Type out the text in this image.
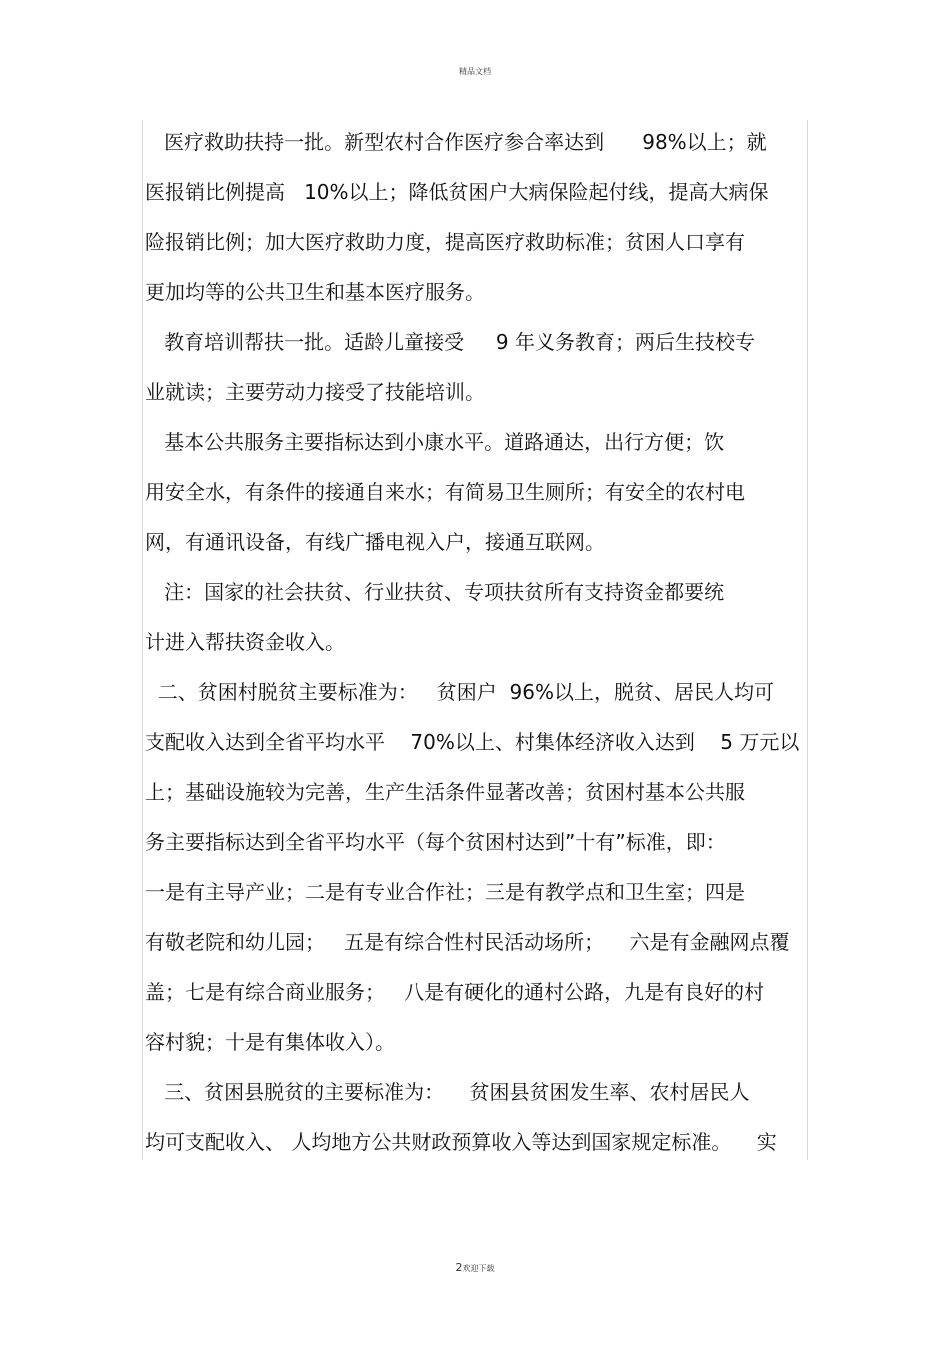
精品文档
医疗救助扶持一批。新型农村合作医疗参合率达到      98%以上；就
医报销比例提高   10%以上；降低贫困户大病保险起付线，提高大病保
险报销比例；加大医疗救助力度，提高医疗救助标准；贫困人口享有
更加均等的公共卫生和基本医疗服务。
教育培训帮扶一批。适龄儿童接受     9 年义务教育；两后生技校专
业就读；主要劳动力接受了技能培训。
基本公共服务主要指标达到小康水平。道路通达，出行方便；饮
用安全水，有条件的接通自来水；有简易卫生厕所；有安全的农村电
网，有通讯设备，有线广播电视入户，接通互联网。
注：国家的社会扶贫、行业扶贫、专项扶贫所有支持资金都要统
计进入帮扶资金收入。
二、贫困村脱贫主要标准为：   贫困户  96%以上，脱贫、居民人均可
支配收入达到全省平均水平    70%以上、村集体经济收入达到    5 万元以
上；基础设施较为完善，生产生活条件显著改善；贫困村基本公共服
务主要指标达到全省平均水平（每个贫困村达到”十有”标准，即：
一是有主导产业；二是有专业合作社；三是有教学点和卫生室；四是
有敬老院和幼儿园；   五是有综合性村民活动场所；    六是有金融网点覆
盖；七是有综合商业服务；   八是有硬化的通村公路，九是有良好的村
容村貌；十是有集体收入）。
三、贫困县脱贫的主要标准为：    贫困县贫困发生率、农村居民人
均可支配收入、 人均地方公共财政预算收入等达到国家规定标准。    实
2欢迎下载
